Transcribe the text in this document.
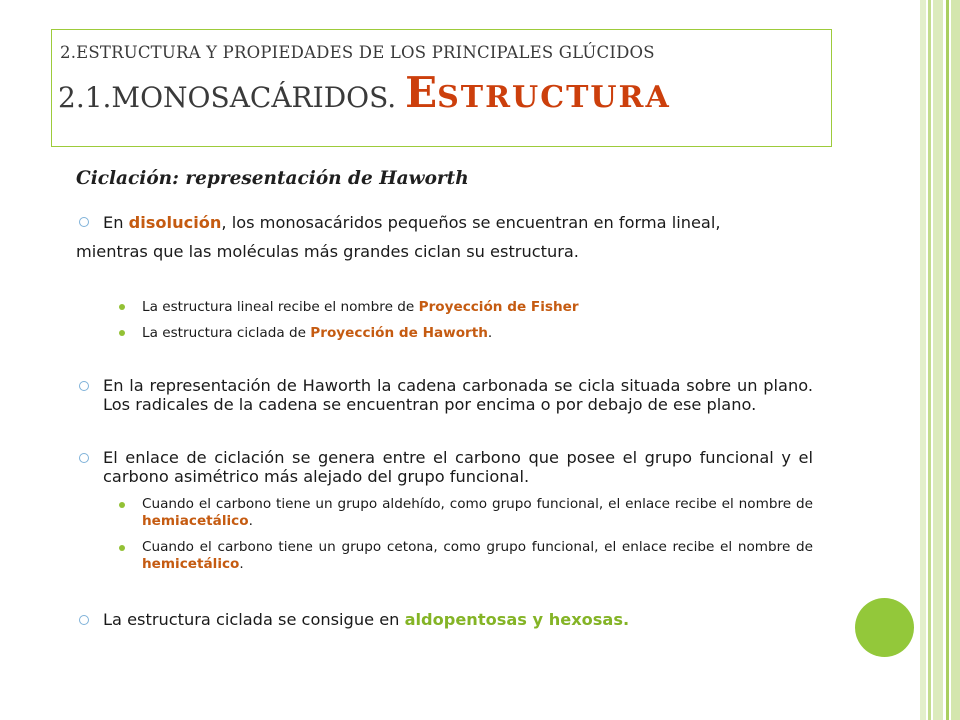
2.ESTRUCTURA Y PROPIEDADES DE LOS PRINCIPALES GLÚCIDOS
2.1.MONOSACÁRIDOS. ESTRUCTURA
Ciclación: representación de Haworth
En disolución, los monosacáridos pequeños se encuentran en forma lineal,
mientras que las moléculas más grandes ciclan su estructura.
La estructura lineal recibe el nombre de Proyección de Fisher
La estructura ciclada de Proyección de Haworth.
En la representación de Haworth la cadena carbonada se cicla situada sobre un plano. Los radicales de la cadena se encuentran por encima o por debajo de ese plano.
El enlace de ciclación se genera entre el carbono que posee el grupo funcional y el carbono asimétrico más alejado del grupo funcional.
Cuando el carbono tiene un grupo aldehído, como grupo funcional, el enlace recibe el nombre de hemiacetálico.
Cuando el carbono tiene un grupo cetona, como grupo funcional, el enlace recibe el nombre de hemicetálico.
La estructura ciclada se consigue en aldopentosas y hexosas.
